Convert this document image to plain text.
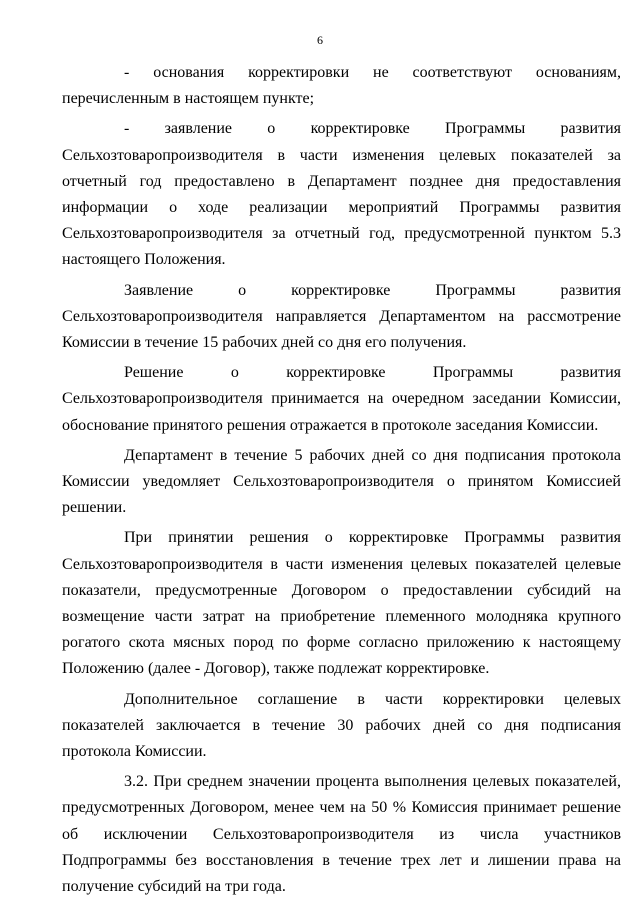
6

- основания корректировки не соответствуют основаниям, перечисленным в настоящем пункте;

- заявление о корректировке Программы развития Сельхозтоваропроизводителя в части изменения целевых показателей за отчетный год предоставлено в Департамент позднее дня предоставления информации о ходе реализации мероприятий Программы развития Сельхозтоваропроизводителя за отчетный год, предусмотренной пунктом 5.3 настоящего Положения.

Заявление о корректировке Программы развития Сельхозтоваропроизводителя направляется Департаментом на рассмотрение Комиссии в течение 15 рабочих дней со дня его получения.

Решение о корректировке Программы развития Сельхозтоваропроизводителя принимается на очередном заседании Комиссии, обоснование принятого решения отражается в протоколе заседания Комиссии.

Департамент в течение 5 рабочих дней со дня подписания протокола Комиссии уведомляет Сельхозтоваропроизводителя о принятом Комиссией решении.

При принятии решения о корректировке Программы развития Сельхозтоваропроизводителя в части изменения целевых показателей целевые показатели, предусмотренные Договором о предоставлении субсидий на возмещение части затрат на приобретение племенного молодняка крупного рогатого скота мясных пород по форме согласно приложению к настоящему Положению (далее - Договор), также подлежат корректировке.

Дополнительное соглашение в части корректировки целевых показателей заключается в течение 30 рабочих дней со дня подписания протокола Комиссии.

3.2. При среднем значении процента выполнения целевых показателей, предусмотренных Договором, менее чем на 50 % Комиссия принимает решение об исключении Сельхозтоваропроизводителя из числа участников Подпрограммы без восстановления в течение трех лет и лишении права на получение субсидий на три года.
